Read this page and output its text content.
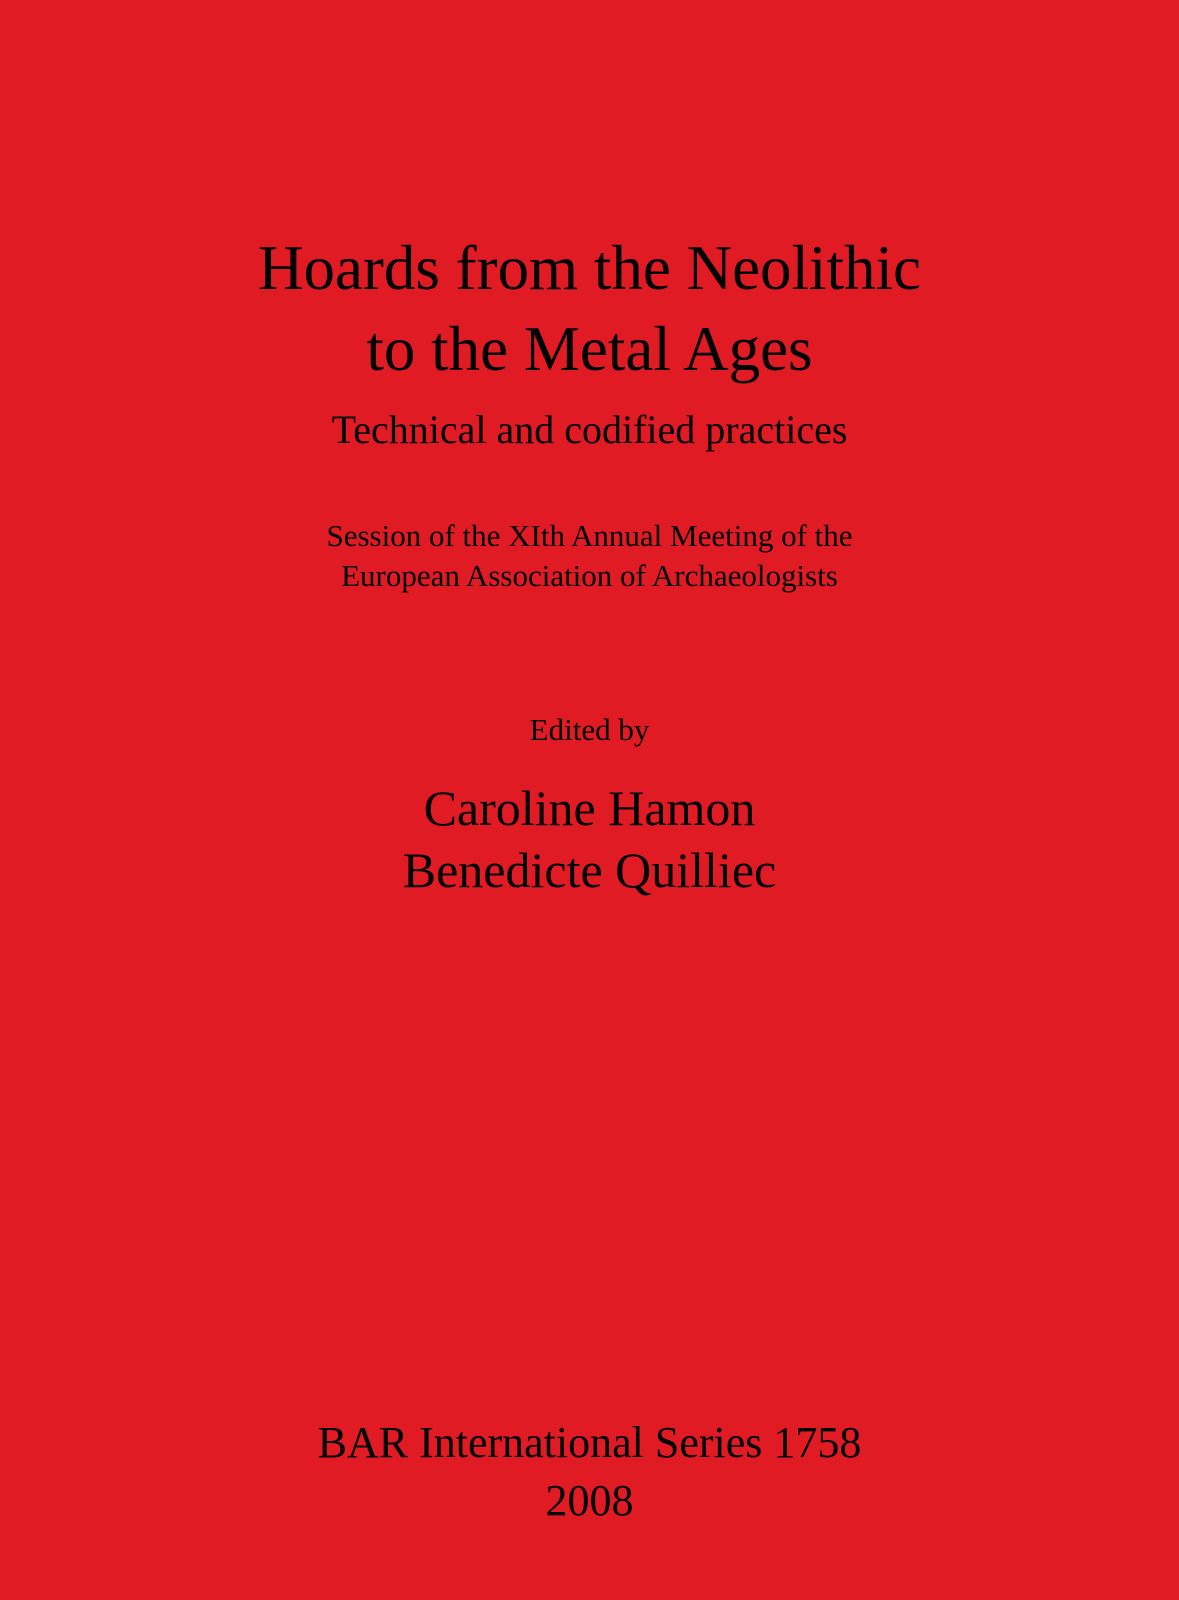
Hoards from the Neolithic
to the Metal Ages
Technical and codified practices

Session of the XIth Annual Meeting of the

European Association of Archaeologists

Edited by

Caroline Hamon

Benedicte Quilliec

BAR International Series 1758

2008
